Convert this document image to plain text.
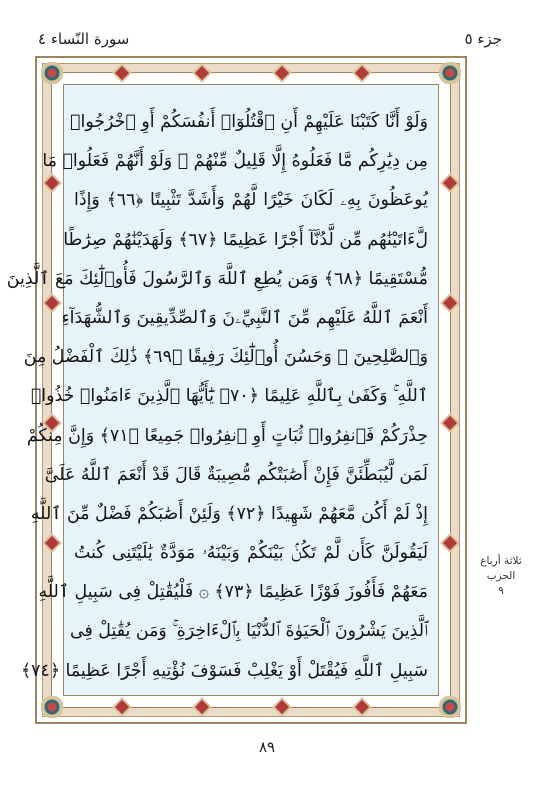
جزء ٥
سورة النّساء ٤
وَلَوْ أَنَّا كَتَبْنَا عَلَيْهِمْ أَنِ ٱقْتُلُوٓا۟ أَنفُسَكُمْ أَوِ ٱخْرُجُوا۟
مِن دِيَٰرِكُم مَّا فَعَلُوهُ إِلَّا قَلِيلٌ مِّنْهُمْ ۖ وَلَوْ أَنَّهُمْ فَعَلُوا۟ مَا
يُوعَظُونَ بِهِۦ لَكَانَ خَيْرًا لَّهُمْ وَأَشَدَّ تَثْبِيتًا ﴿٦٦﴾ وَإِذًا
لَّءَاتَيْنَٰهُم مِّن لَّدُنَّآ أَجْرًا عَظِيمًا ﴿٦٧﴾ وَلَهَدَيْنَٰهُمْ صِرَٰطًا
مُّسْتَقِيمًا ﴿٦٨﴾ وَمَن يُطِعِ ٱللَّهَ وَٱلرَّسُولَ فَأُو۟لَٰٓئِكَ مَعَ ٱلَّذِينَ
أَنْعَمَ ٱللَّهُ عَلَيْهِم مِّنَ ٱلنَّبِيِّۦنَ وَٱلصِّدِّيقِينَ وَٱلشُّهَدَآءِ
وَٱلصَّٰلِحِينَ ۚ وَحَسُنَ أُو۟لَٰٓئِكَ رَفِيقًا ﴿٦٩﴾ ذَٰلِكَ ٱلْفَضْلُ مِنَ
ٱللَّهِ ۚ وَكَفَىٰ بِٱللَّهِ عَلِيمًا ﴿٧٠﴾ يَٰٓأَيُّهَا ٱلَّذِينَ ءَامَنُوا۟ خُذُوا۟
حِذْرَكُمْ فَٱنفِرُوا۟ ثُبَاتٍ أَوِ ٱنفِرُوا۟ جَمِيعًا ﴿٧١﴾ وَإِنَّ مِنكُمْ
لَمَن لَّيُبَطِّئَنَّ فَإِنْ أَصَٰبَتْكُم مُّصِيبَةٌ قَالَ قَدْ أَنْعَمَ ٱللَّهُ عَلَىَّ
إِذْ لَمْ أَكُن مَّعَهُمْ شَهِيدًا ﴿٧٢﴾ وَلَئِنْ أَصَٰبَكُمْ فَضْلٌ مِّنَ ٱللَّهِ
لَيَقُولَنَّ كَأَن لَّمْ تَكُنۢ بَيْنَكُمْ وَبَيْنَهُۥ مَوَدَّةٌ يَٰلَيْتَنِى كُنتُ
مَعَهُمْ فَأَفُوزَ فَوْزًا عَظِيمًا ﴿٧٣﴾ ۞ فَلْيُقَٰتِلْ فِى سَبِيلِ ٱللَّهِ
ٱلَّذِينَ يَشْرُونَ ٱلْحَيَوٰةَ ٱلدُّنْيَا بِٱلْءَاخِرَةِ ۚ وَمَن يُقَٰتِلْ فِى
سَبِيلِ ٱللَّهِ فَيُقْتَلْ أَوْ يَغْلِبْ فَسَوْفَ نُؤْتِيهِ أَجْرًا عَظِيمًا ﴿٧٤﴾
ثلاثة أرباع
الحزب
٩
٨٩
